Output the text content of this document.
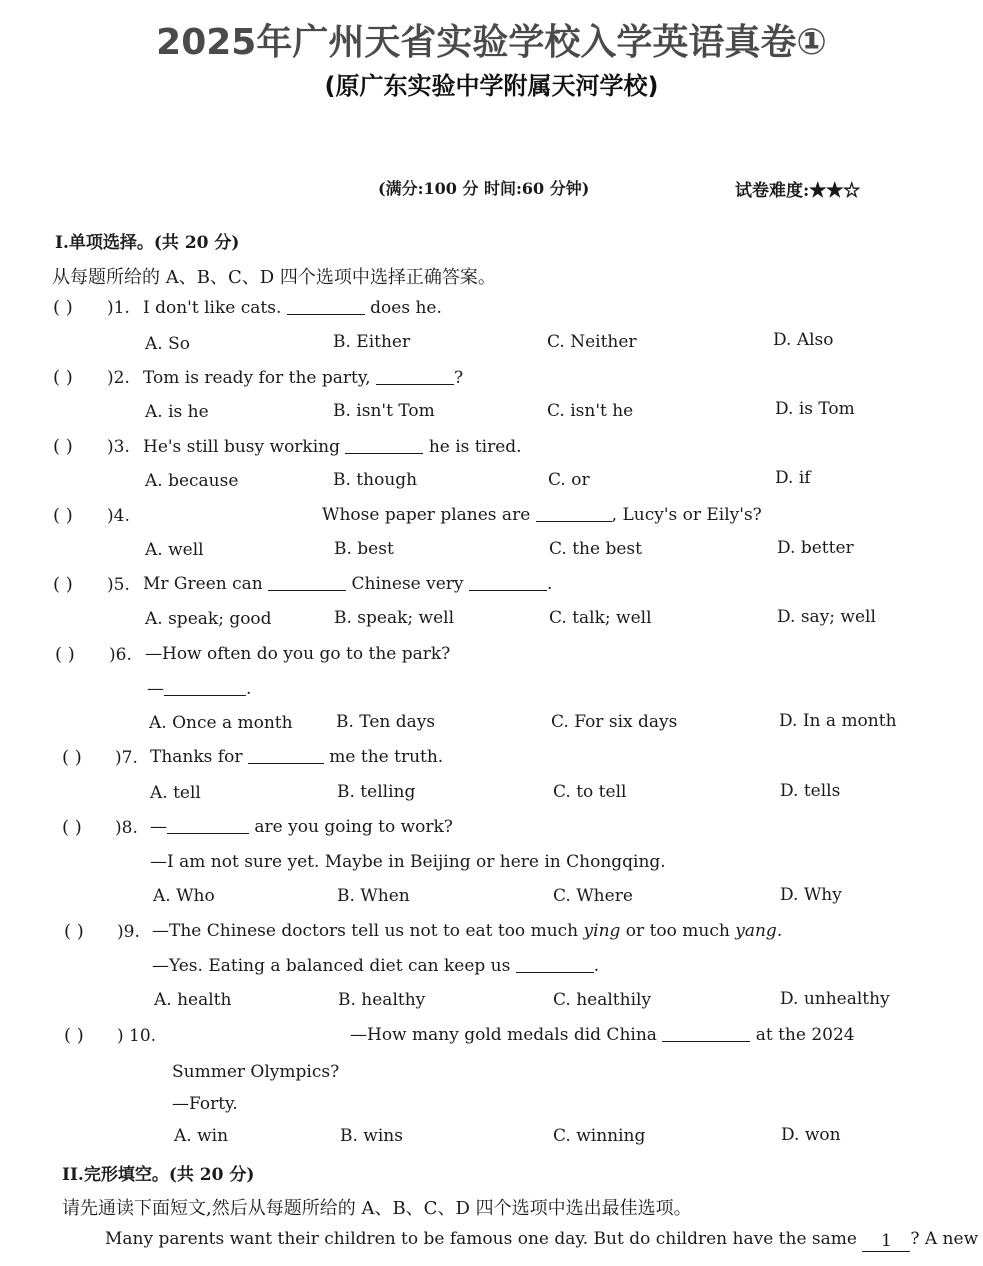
2025年广州天省实验学校入学英语真卷①
(原广东实验中学附属天河学校)
(满分:100 分 时间:60 分钟)	试卷难度:★★☆
I.单项选择。(共 20 分)
从每题所给的 A、B、C、D 四个选项中选择正确答案。
( ) )1. I don't like cats.	does he.
A. So	B. Either	C. Neither	D. Also
( ) )2. Tom is ready for the party,	?
A. is he	B. isn't Tom	C. isn't he	D. is Tom
( ) )3. He's still busy working	he is tired.
A. because	B. though	C. or	D. if
( ) )4.	Whose paper planes are	, Lucy's or Eily's?
A. well	B. best	C. the best	D. better
( ) )5. Mr Green can	Chinese very	.
A. speak; good	B. speak; well	C. talk; well	D. say; well
( ) )6. —How often do you go to the park?
—	.
A. Once a month	B. Ten days	C. For six days	D. In a month
( ) )7. Thanks for	me the truth.
A. tell	B. telling	C. to tell	D. tells
( ) )8. —	are you going to work?
—I am not sure yet. Maybe in Beijing or here in Chongqing.
A. Who	B. When	C. Where	D. Why
( ) )9. —The Chinese doctors tell us not to eat too much ying or too much yang.
—Yes. Eating a balanced diet can keep us	.
A. health	B. healthy	C. healthily	D. unhealthy
( ) ) 10.	—How many gold medals did China	at the 2024
Summer Olympics?
—Forty.
A. win	B. wins	C. winning	D. won
II.完形填空。(共 20 分)
请先通读下面短文,然后从每题所给的 A、B、C、D 四个选项中选出最佳选项。
Many parents want their children to be famous one day. But do children have the same 1 ? A new
